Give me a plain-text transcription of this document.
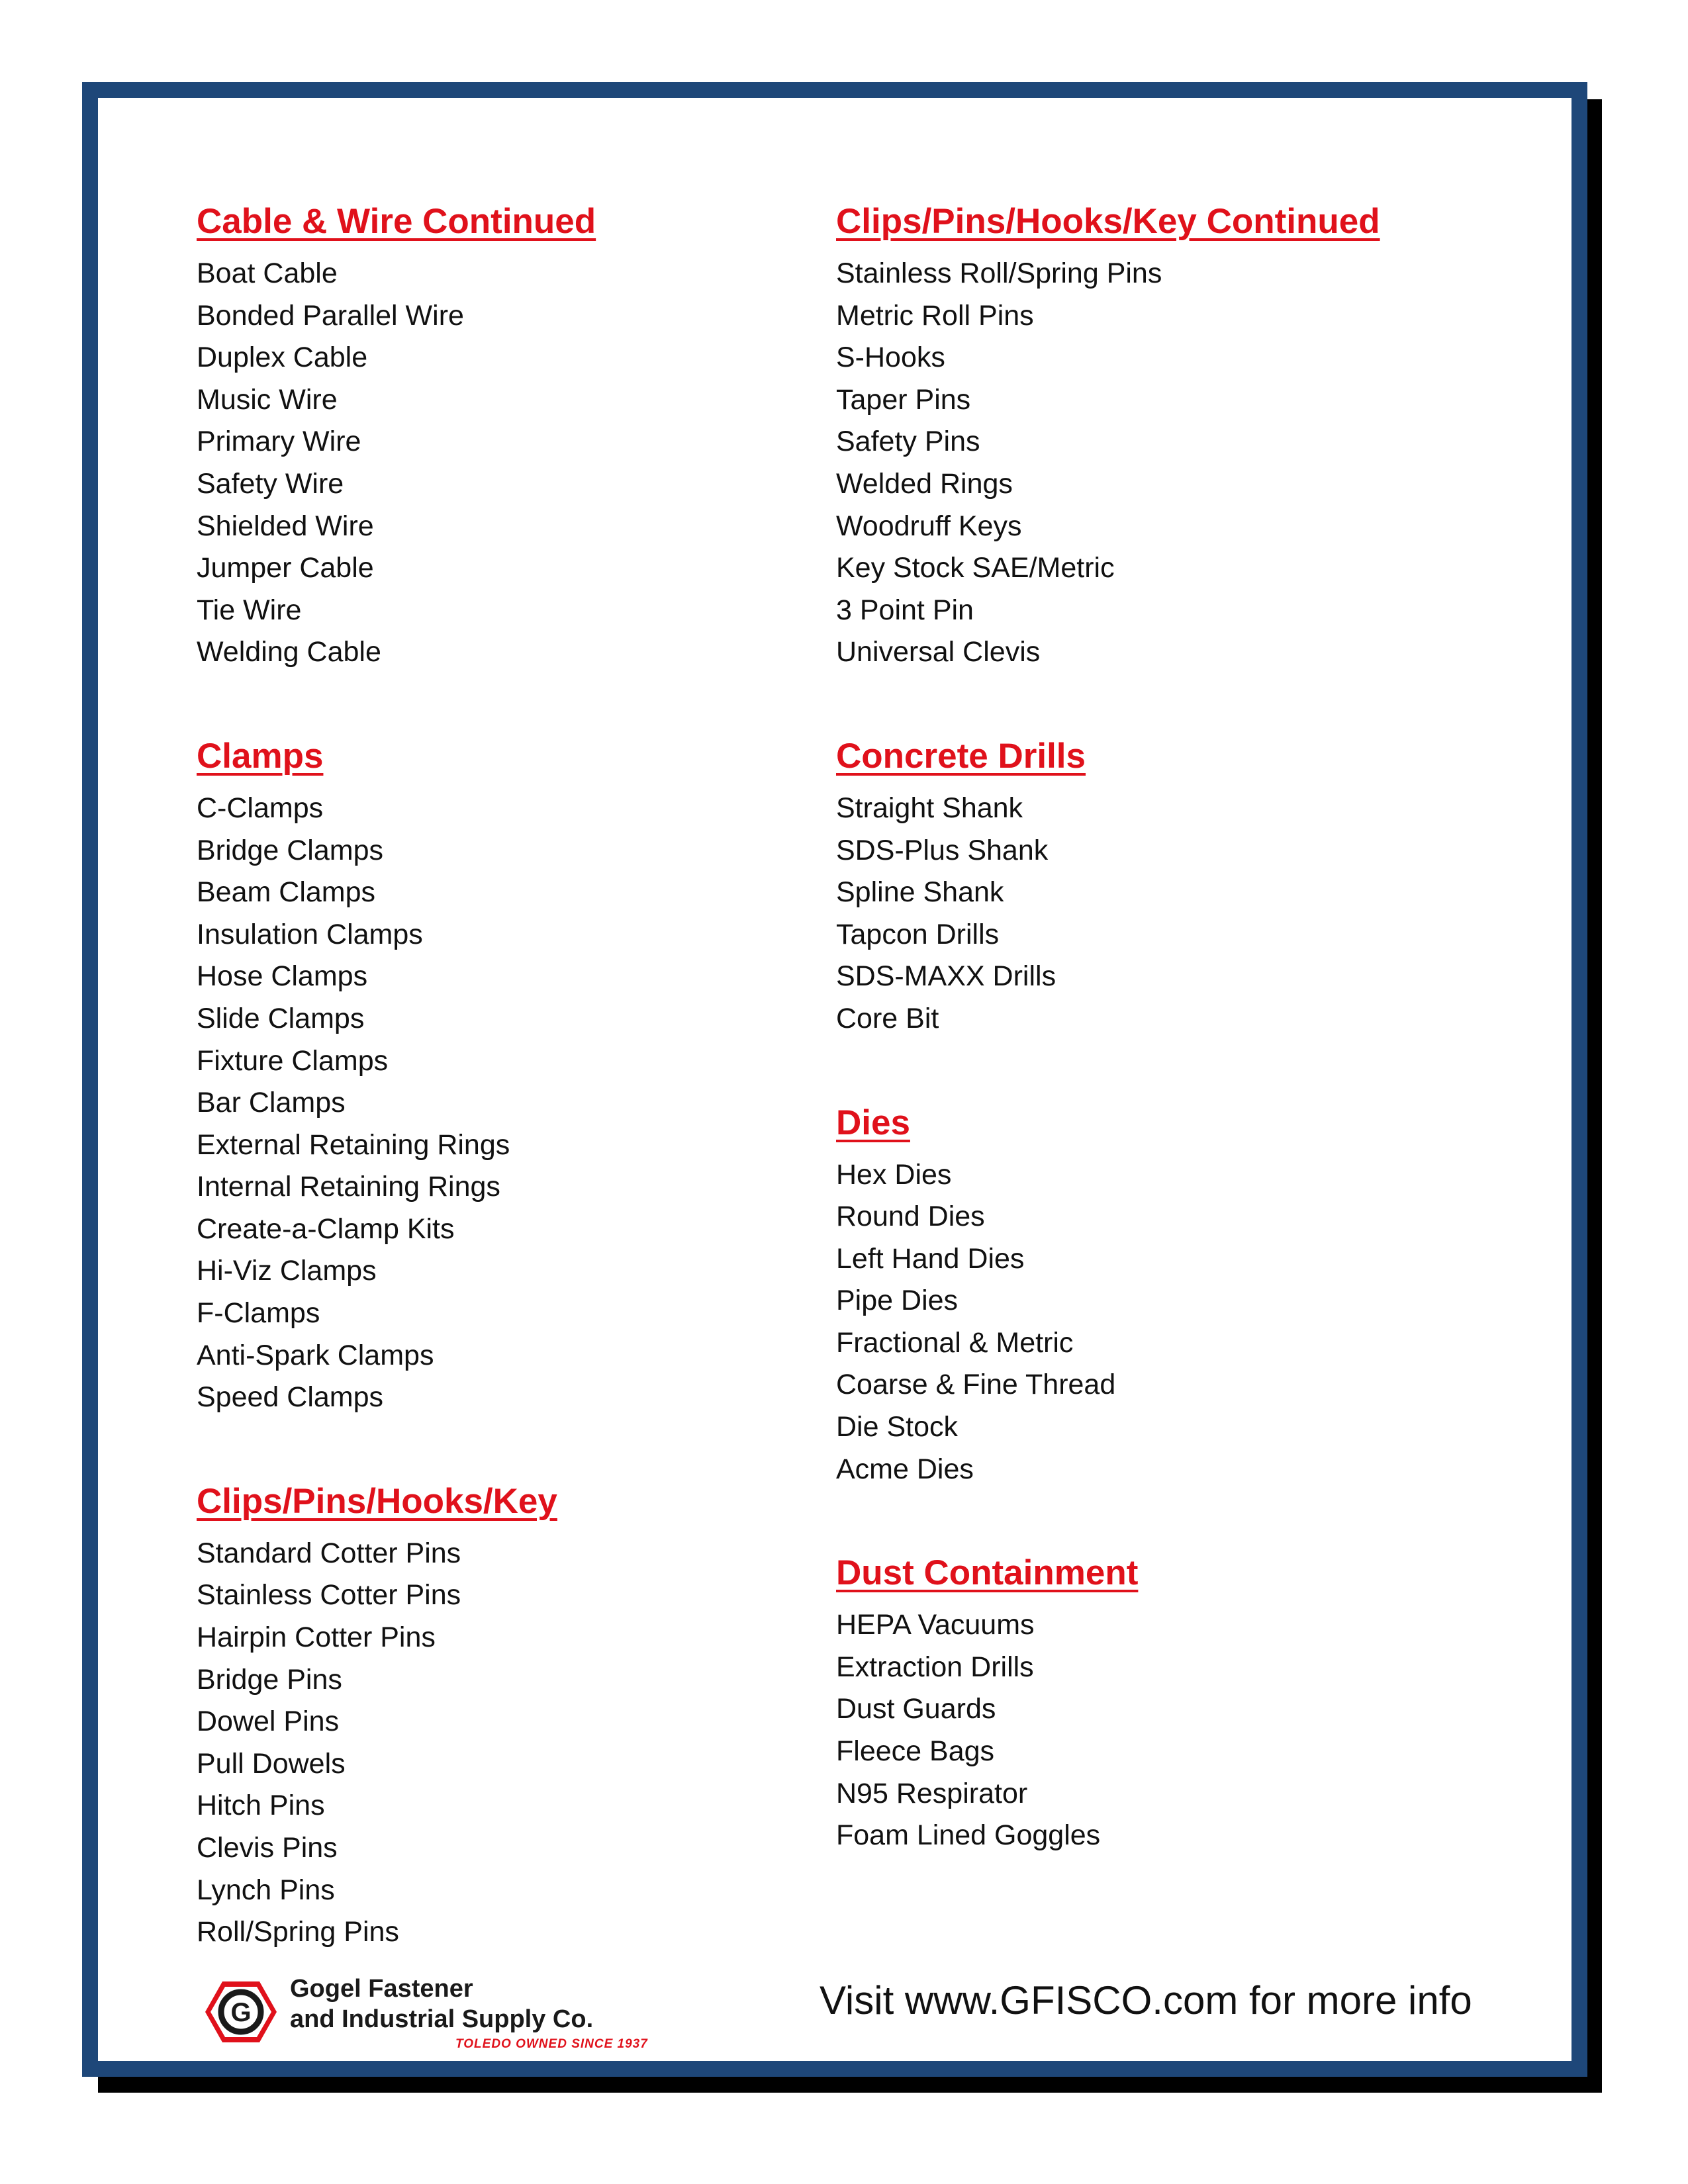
Cable & Wire Continued
Boat Cable
Bonded Parallel Wire
Duplex Cable
Music Wire
Primary Wire
Safety Wire
Shielded Wire
Jumper Cable
Tie Wire
Welding Cable
Clamps
C-Clamps
Bridge Clamps
Beam Clamps
Insulation Clamps
Hose Clamps
Slide Clamps
Fixture Clamps
Bar Clamps
External Retaining Rings
Internal Retaining Rings
Create-a-Clamp Kits
Hi-Viz Clamps
F-Clamps
Anti-Spark Clamps
Speed Clamps
Clips/Pins/Hooks/Key
Standard Cotter Pins
Stainless Cotter Pins
Hairpin Cotter Pins
Bridge Pins
Dowel Pins
Pull Dowels
Hitch Pins
Clevis Pins
Lynch Pins
Roll/Spring Pins
Clips/Pins/Hooks/Key Continued
Stainless Roll/Spring Pins
Metric Roll Pins
S-Hooks
Taper Pins
Safety Pins
Welded Rings
Woodruff Keys
Key Stock SAE/Metric
3 Point Pin
Universal Clevis
Concrete Drills
Straight Shank
SDS-Plus Shank
Spline Shank
Tapcon Drills
SDS-MAXX Drills
Core Bit
Dies
Hex Dies
Round Dies
Left Hand Dies
Pipe Dies
Fractional & Metric
Coarse & Fine Thread
Die Stock
Acme Dies
Dust Containment
HEPA Vacuums
Extraction Drills
Dust Guards
Fleece Bags
N95 Respirator
Foam Lined Goggles
G
Gogel Fastener
and Industrial Supply Co.
TOLEDO OWNED SINCE 1937
Visit www.GFISCO.com for more info
